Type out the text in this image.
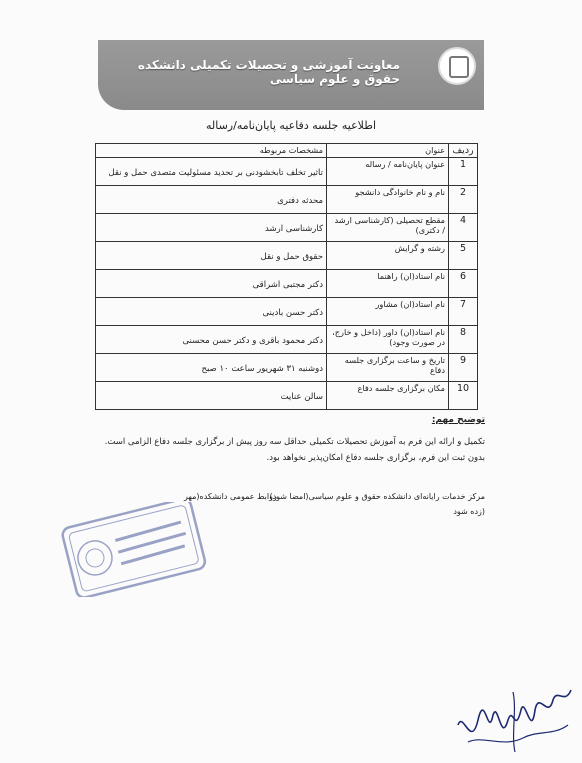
معاونت آموزشی و تحصیلات تکمیلی دانشکده حقوق و علوم سیاسی
اطلاعیه جلسه دفاعیه پایان‌نامه/رساله
ردیف	عنوان	مشخصات مربوطه
1	عنوان پایان‌نامه / رساله	تاثیر تخلف تابخشودنی بر تحدید مسئولیت متصدی حمل و نقل

2	نام و نام خانوادگی دانشجو	محدثه دفتری

4	مقطع تحصیلی (کارشناسی ارشد / دکتری)	کارشناسی ارشد

5	رشته و گرایش	حقوق حمل و نقل

6	نام استاد(ان) راهنما	دکتر مجتبی اشراقی

7	نام استاد(ان) مشاور	دکتر حسن بادینی

8	نام استاد(ان) داور (داخل و خارج، در صورت وجود)	دکتر محمود باقری و دکتر حسن محسنی

9	تاریخ و ساعت برگزاری جلسه دفاع	دوشنبه ۳۱ شهریور ساعت ۱۰ صبح

10	مکان برگزاری جلسه دفاع	سالن عنایت
توضیح مهم:
تکمیل و ارائه این فرم به آموزش تحصیلات تکمیلی حداقل سه روز پیش از برگزاری جلسه دفاع الزامی است.
بدون ثبت این فرم، برگزاری جلسه دفاع امکان‌پذیر نخواهد بود.
مرکز خدمات رایانه‌ای دانشکده حقوق و علوم سیاسی(امضا شود)
(زده شود
روابط عمومی دانشکده(مهر
